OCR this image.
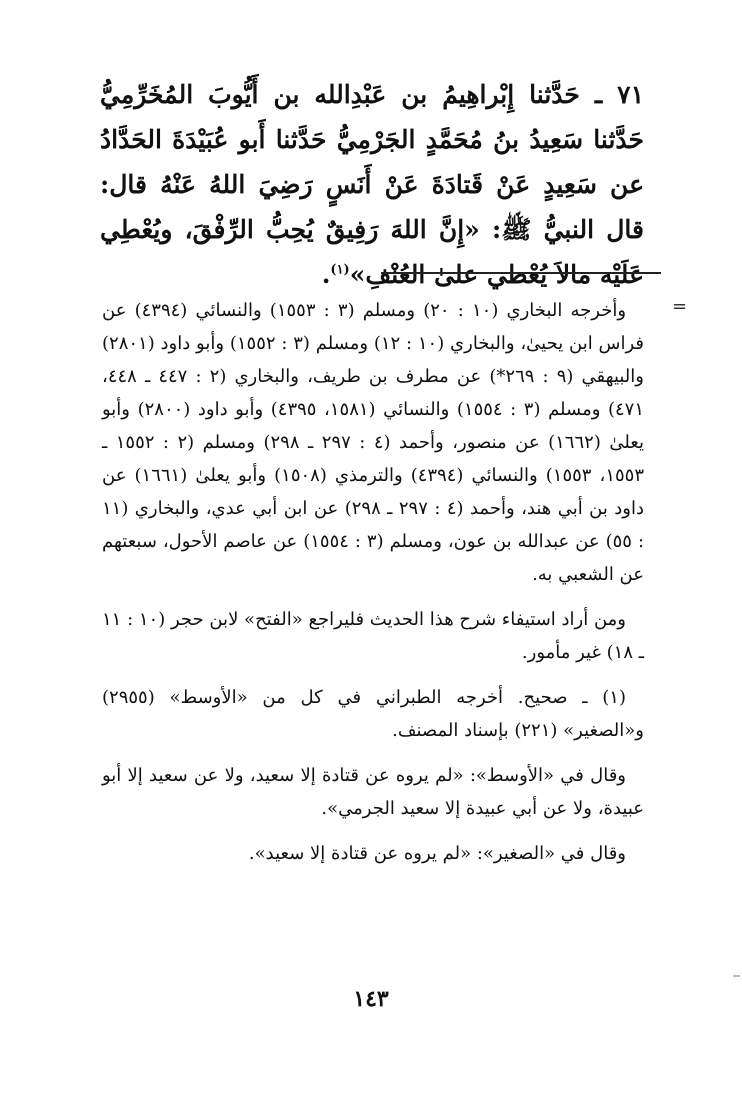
٧١ ـ حَدَّثنا إِبْراهِيمُ بن عَبْدِالله بن أَيُّوبَ المُخَرِّمِيُّ حَدَّثنا سَعِيدُ بنُ مُحَمَّدٍ الجَرْمِيُّ حَدَّثنا أَبو عُبَيْدَةَ الحَدَّادُ عن سَعِيدٍ عَنْ قَتادَةَ عَنْ أَنَسٍ رَضِيَ اللهُ عَنْهُ قال: قال النبيُّ ﷺ: «إِنَّ اللهَ رَفِيقٌ يُحِبُّ الرِّفْقَ، ويُعْطِي عَلَيْه مالاَ يُعْطي علىٰ العُنْفِ»$^{(١)}$.

=

وأخرجه البخاري (١٠ : ٢٠) ومسلم (٣ : ١٥٥٣) والنسائي (٤٣٩٤) عن فراس ابن يحيىٰ، والبخاري (١٠ : ١٢) ومسلم (٣ : ١٥٥٢) وأبو داود (٢٨٠١) والبيهقي (٩ : ٢٦٩*) عن مطرف بن طريف، والبخاري (٢ : ٤٤٧ ـ ٤٤٨، ٤٧١) ومسلم (٣ : ١٥٥٤) والنسائي (١٥٨١، ٤٣٩٥) وأبو داود (٢٨٠٠) وأبو يعلىٰ (١٦٦٢) عن منصور، وأحمد (٤ : ٢٩٧ ـ ٢٩٨) ومسلم (٢ : ١٥٥٢ ـ ١٥٥٣، ١٥٥٣) والنسائي (٤٣٩٤) والترمذي (١٥٠٨) وأبو يعلىٰ (١٦٦١) عن داود بن أبي هند، وأحمد (٤ : ٢٩٧ ـ ٢٩٨) عن ابن أبي عدي، والبخاري (١١ : ٥٥) عن عبدالله بن عون، ومسلم (٣ : ١٥٥٤) عن عاصم الأحول، سبعتهم عن الشعبي به.

ومن أراد استيفاء شرح هذا الحديث فليراجع «الفتح» لابن حجر (١٠ : ١١ ـ ١٨) غير مأمور.

(١) ـ صحيح. أخرجه الطبراني في كل من «الأوسط» (٢٩٥٥) و«الصغير» (٢٢١) بإسناد المصنف.

وقال في «الأوسط»: «لم يروه عن قتادة إلا سعيد، ولا عن سعيد إلا أبو عبيدة، ولا عن أبي عبيدة إلا سعيد الجرمي».

وقال في «الصغير»: «لم يروه عن قتادة إلا سعيد».

١٤٣
